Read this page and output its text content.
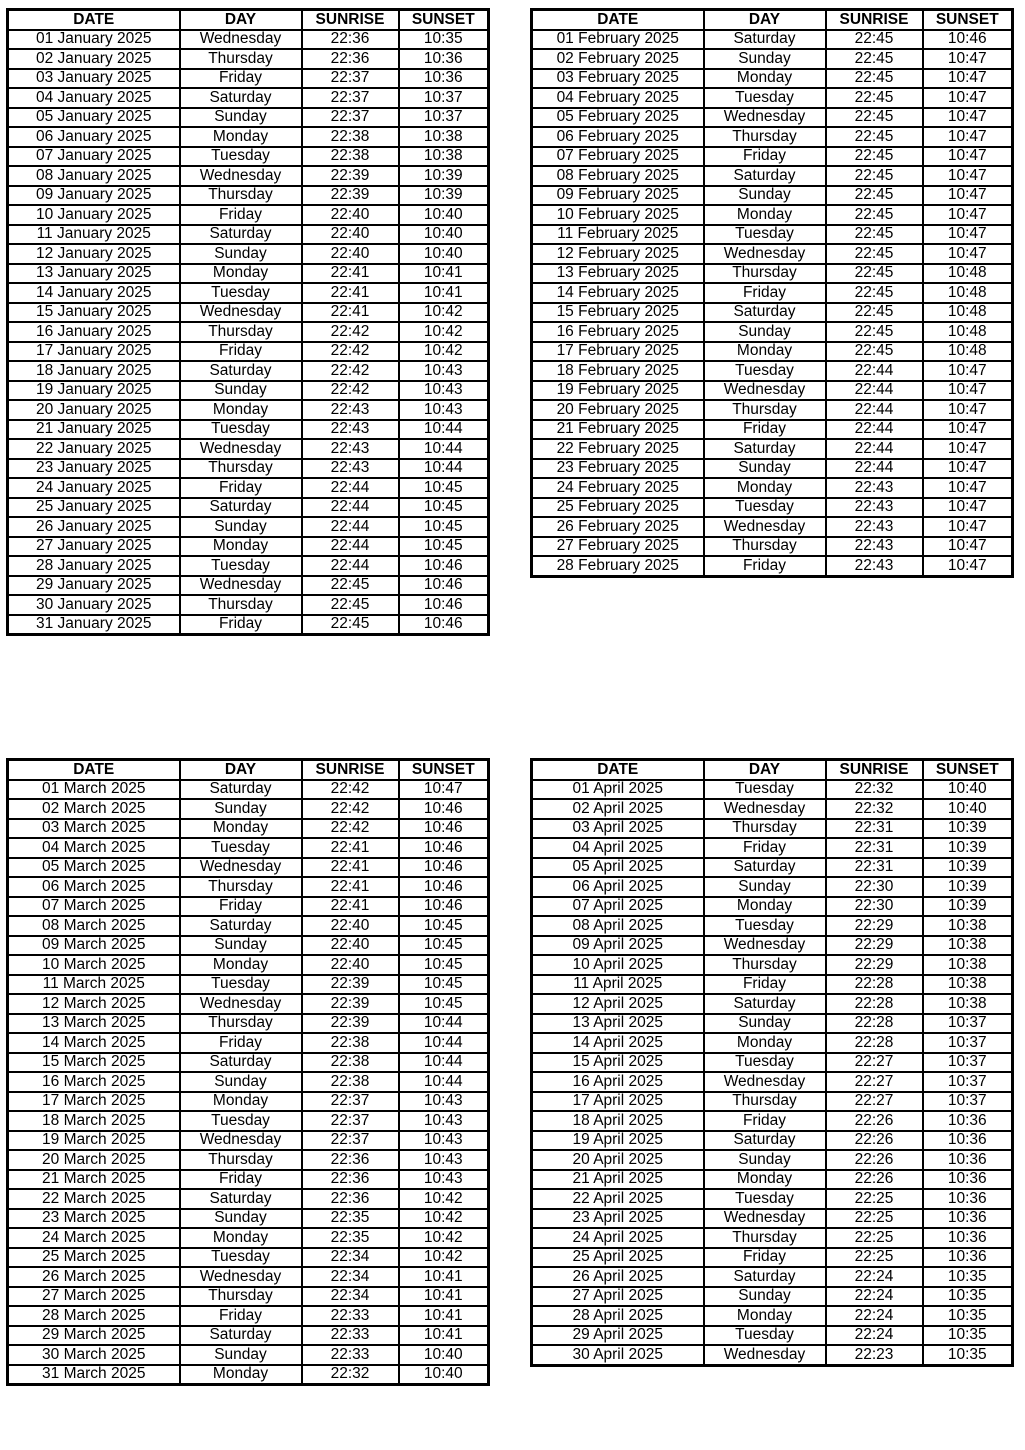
DATE	DAY	SUNRISE	SUNSET
01 January 2025	Wednesday	22:36	10:35
02 January 2025	Thursday	22:36	10:36
03 January 2025	Friday	22:37	10:36
04 January 2025	Saturday	22:37	10:37
05 January 2025	Sunday	22:37	10:37
06 January 2025	Monday	22:38	10:38
07 January 2025	Tuesday	22:38	10:38
08 January 2025	Wednesday	22:39	10:39
09 January 2025	Thursday	22:39	10:39
10 January 2025	Friday	22:40	10:40
11 January 2025	Saturday	22:40	10:40
12 January 2025	Sunday	22:40	10:40
13 January 2025	Monday	22:41	10:41
14 January 2025	Tuesday	22:41	10:41
15 January 2025	Wednesday	22:41	10:42
16 January 2025	Thursday	22:42	10:42
17 January 2025	Friday	22:42	10:42
18 January 2025	Saturday	22:42	10:43
19 January 2025	Sunday	22:42	10:43
20 January 2025	Monday	22:43	10:43
21 January 2025	Tuesday	22:43	10:44
22 January 2025	Wednesday	22:43	10:44
23 January 2025	Thursday	22:43	10:44
24 January 2025	Friday	22:44	10:45
25 January 2025	Saturday	22:44	10:45
26 January 2025	Sunday	22:44	10:45
27 January 2025	Monday	22:44	10:45
28 January 2025	Tuesday	22:44	10:46
29 January 2025	Wednesday	22:45	10:46
30 January 2025	Thursday	22:45	10:46
31 January 2025	Friday	22:45	10:46
DATE	DAY	SUNRISE	SUNSET
01 February 2025	Saturday	22:45	10:46
02 February 2025	Sunday	22:45	10:47
03 February 2025	Monday	22:45	10:47
04 February 2025	Tuesday	22:45	10:47
05 February 2025	Wednesday	22:45	10:47
06 February 2025	Thursday	22:45	10:47
07 February 2025	Friday	22:45	10:47
08 February 2025	Saturday	22:45	10:47
09 February 2025	Sunday	22:45	10:47
10 February 2025	Monday	22:45	10:47
11 February 2025	Tuesday	22:45	10:47
12 February 2025	Wednesday	22:45	10:47
13 February 2025	Thursday	22:45	10:48
14 February 2025	Friday	22:45	10:48
15 February 2025	Saturday	22:45	10:48
16 February 2025	Sunday	22:45	10:48
17 February 2025	Monday	22:45	10:48
18 February 2025	Tuesday	22:44	10:47
19 February 2025	Wednesday	22:44	10:47
20 February 2025	Thursday	22:44	10:47
21 February 2025	Friday	22:44	10:47
22 February 2025	Saturday	22:44	10:47
23 February 2025	Sunday	22:44	10:47
24 February 2025	Monday	22:43	10:47
25 February 2025	Tuesday	22:43	10:47
26 February 2025	Wednesday	22:43	10:47
27 February 2025	Thursday	22:43	10:47
28 February 2025	Friday	22:43	10:47
DATE	DAY	SUNRISE	SUNSET
01 March 2025	Saturday	22:42	10:47
02 March 2025	Sunday	22:42	10:46
03 March 2025	Monday	22:42	10:46
04 March 2025	Tuesday	22:41	10:46
05 March 2025	Wednesday	22:41	10:46
06 March 2025	Thursday	22:41	10:46
07 March 2025	Friday	22:41	10:46
08 March 2025	Saturday	22:40	10:45
09 March 2025	Sunday	22:40	10:45
10 March 2025	Monday	22:40	10:45
11 March 2025	Tuesday	22:39	10:45
12 March 2025	Wednesday	22:39	10:45
13 March 2025	Thursday	22:39	10:44
14 March 2025	Friday	22:38	10:44
15 March 2025	Saturday	22:38	10:44
16 March 2025	Sunday	22:38	10:44
17 March 2025	Monday	22:37	10:43
18 March 2025	Tuesday	22:37	10:43
19 March 2025	Wednesday	22:37	10:43
20 March 2025	Thursday	22:36	10:43
21 March 2025	Friday	22:36	10:43
22 March 2025	Saturday	22:36	10:42
23 March 2025	Sunday	22:35	10:42
24 March 2025	Monday	22:35	10:42
25 March 2025	Tuesday	22:34	10:42
26 March 2025	Wednesday	22:34	10:41
27 March 2025	Thursday	22:34	10:41
28 March 2025	Friday	22:33	10:41
29 March 2025	Saturday	22:33	10:41
30 March 2025	Sunday	22:33	10:40
31 March 2025	Monday	22:32	10:40
DATE	DAY	SUNRISE	SUNSET
01 April 2025	Tuesday	22:32	10:40
02 April 2025	Wednesday	22:32	10:40
03 April 2025	Thursday	22:31	10:39
04 April 2025	Friday	22:31	10:39
05 April 2025	Saturday	22:31	10:39
06 April 2025	Sunday	22:30	10:39
07 April 2025	Monday	22:30	10:39
08 April 2025	Tuesday	22:29	10:38
09 April 2025	Wednesday	22:29	10:38
10 April 2025	Thursday	22:29	10:38
11 April 2025	Friday	22:28	10:38
12 April 2025	Saturday	22:28	10:38
13 April 2025	Sunday	22:28	10:37
14 April 2025	Monday	22:28	10:37
15 April 2025	Tuesday	22:27	10:37
16 April 2025	Wednesday	22:27	10:37
17 April 2025	Thursday	22:27	10:37
18 April 2025	Friday	22:26	10:36
19 April 2025	Saturday	22:26	10:36
20 April 2025	Sunday	22:26	10:36
21 April 2025	Monday	22:26	10:36
22 April 2025	Tuesday	22:25	10:36
23 April 2025	Wednesday	22:25	10:36
24 April 2025	Thursday	22:25	10:36
25 April 2025	Friday	22:25	10:36
26 April 2025	Saturday	22:24	10:35
27 April 2025	Sunday	22:24	10:35
28 April 2025	Monday	22:24	10:35
29 April 2025	Tuesday	22:24	10:35
30 April 2025	Wednesday	22:23	10:35
